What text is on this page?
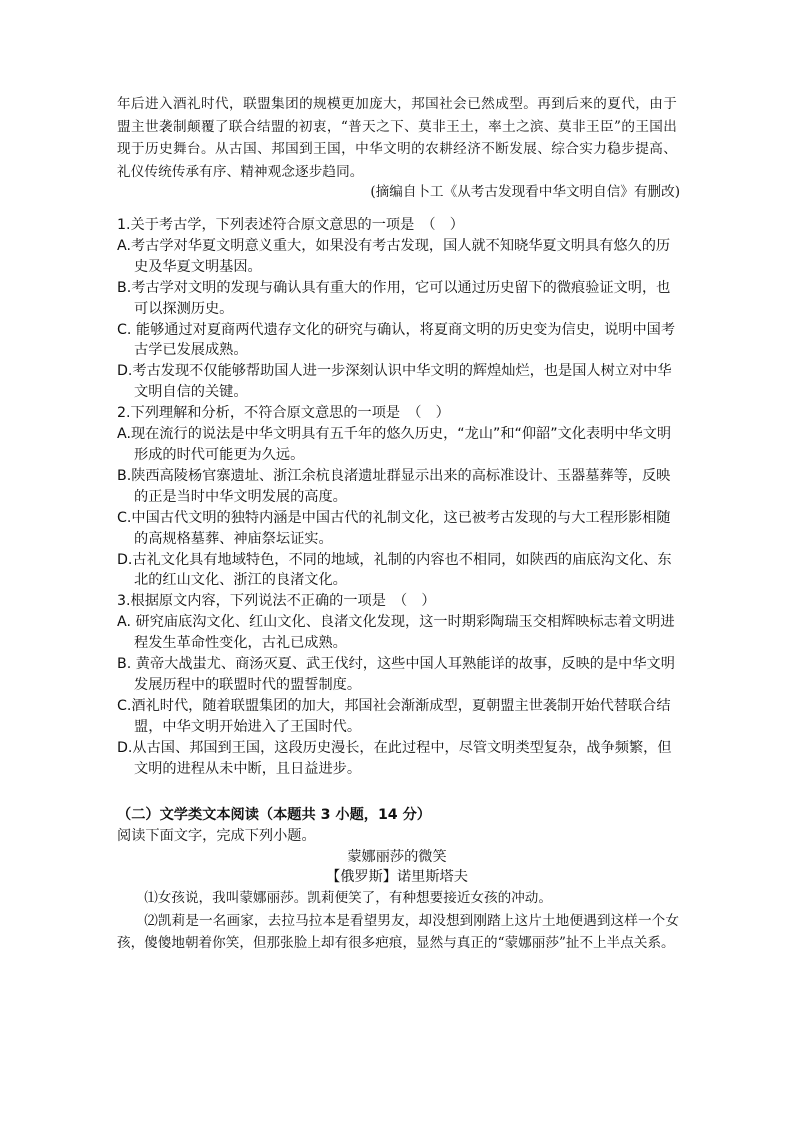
年后进入酒礼时代，联盟集团的规模更加庞大，邦国社会已然成型。再到后来的夏代，由于盟主世袭制颠覆了联合结盟的初衷，“普天之下、莫非王土，率土之滨、莫非王臣”的王国出现于历史舞台。从古国、邦国到王国，中华文明的农耕经济不断发展、综合实力稳步提高、礼仪传统传承有序、精神观念逐步趋同。
(摘编自卜工《从考古发现看中华文明自信》有删改)
1.关于考古学，下列表述符合原文意思的一项是　（　）
A.考古学对华夏文明意义重大，如果没有考古发现，国人就不知晓华夏文明具有悠久的历史及华夏文明基因。
B.考古学对文明的发现与确认具有重大的作用，它可以通过历史留下的微痕验证文明，也可以探测历史。
C. 能够通过对夏商两代遗存文化的研究与确认，将夏商文明的历史变为信史，说明中国考古学已发展成熟。
D.考古发现不仅能够帮助国人进一步深刻认识中华文明的辉煌灿烂，也是国人树立对中华文明自信的关键。
2.下列理解和分析，不符合原文意思的一项是　（　）
A.现在流行的说法是中华文明具有五千年的悠久历史，“龙山”和“仰韶”文化表明中华文明形成的时代可能更为久远。
B.陕西高陵杨官寨遗址、浙江余杭良渚遗址群显示出来的高标准设计、玉器墓葬等，反映的正是当时中华文明发展的高度。
C.中国古代文明的独特内涵是中国古代的礼制文化，这已被考古发现的与大工程形影相随的高规格墓葬、神庙祭坛证实。
D.古礼文化具有地域特色，不同的地域，礼制的内容也不相同，如陕西的庙底沟文化、东北的红山文化、浙江的良渚文化。
3.根据原文内容，下列说法不正确的一项是　（　）
A. 研究庙底沟文化、红山文化、良渚文化发现，这一时期彩陶瑞玉交相辉映标志着文明进程发生革命性变化，古礼已成熟。
B. 黄帝大战蚩尤、商汤灭夏、武王伐纣，这些中国人耳熟能详的故事，反映的是中华文明发展历程中的联盟时代的盟誓制度。
C.酒礼时代，随着联盟集团的加大，邦国社会渐渐成型，夏朝盟主世袭制开始代替联合结盟，中华文明开始进入了王国时代。
D.从古国、邦国到王国，这段历史漫长，在此过程中，尽管文明类型复杂，战争频繁，但文明的进程从未中断，且日益进步。
（二）文学类文本阅读（本题共 3 小题，14 分）
阅读下面文字，完成下列小题。
蒙娜丽莎的微笑
【俄罗斯】诺里斯塔夫

⑴女孩说，我叫蒙娜丽莎。凯莉便笑了，有种想要接近女孩的冲动。

⑵凯莉是一名画家，去拉马拉本是看望男友，却没想到刚踏上这片土地便遇到这样一个女孩，傻傻地朝着你笑，但那张脸上却有很多疤痕，显然与真正的“蒙娜丽莎”扯不上半点关系。
